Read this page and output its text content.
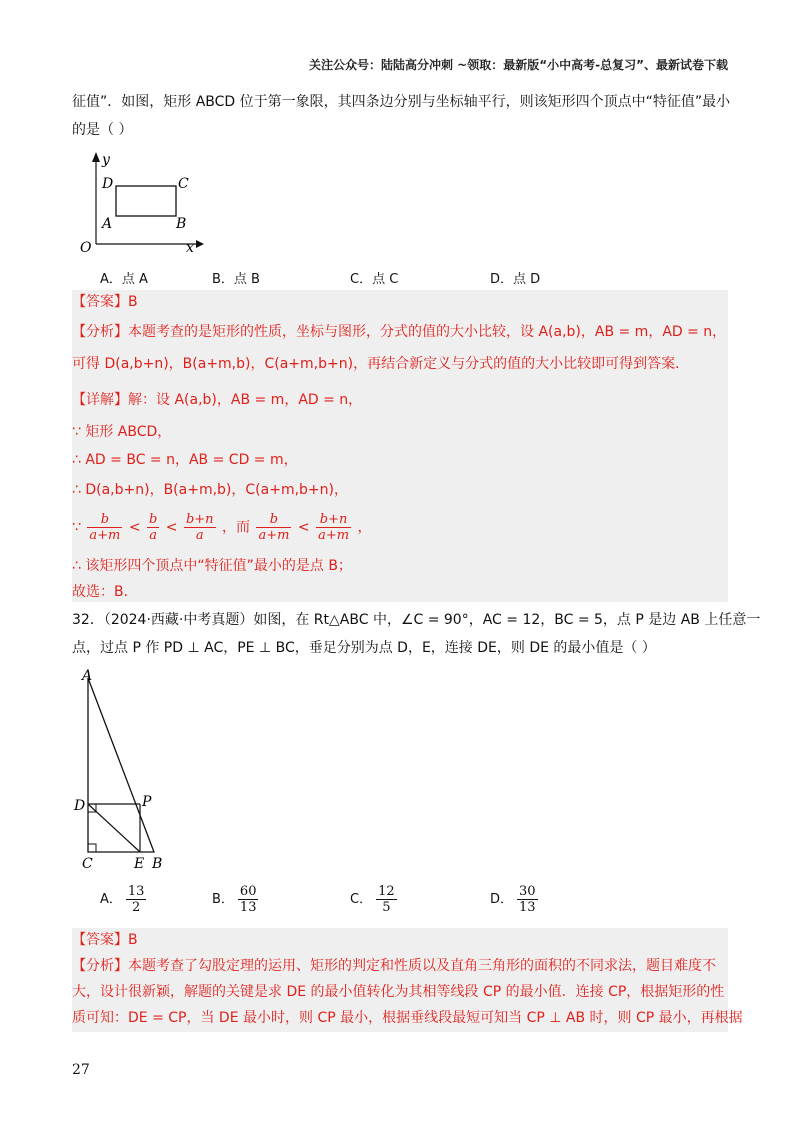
关注公众号：陆陆高分冲刺 ~领取：最新版“小中高考-总复习”、最新试卷下载
征值”．如图，矩形 ABCD 位于第一象限，其四条边分别与坐标轴平行，则该矩形四个顶点中“特征值”最小
的是（ ）
y
x
O
D	C
A	B
A．点 A	B．点 B	C．点 C	D．点 D
【答案】B
【分析】本题考查的是矩形的性质，坐标与图形，分式的值的大小比较，设 A(a,b)，AB = m，AD = n，
可得 D(a,b+n)，B(a+m,b)，C(a+m,b+n)，再结合新定义与分式的值的大小比较即可得到答案．
【详解】解：设 A(a,b)，AB = m，AD = n，
∵ 矩形 ABCD，
∴ AD = BC = n，AB = CD = m，
∴ D(a,b+n)，B(a+m,b)，C(a+m,b+n)，
∵ $\frac{b}{a+m} < \frac{b}{a} < \frac{b+n}{a}$ ，而 $\frac{b}{a+m} < \frac{b+n}{a+m}$ ，
∴ 该矩形四个顶点中“特征值”最小的是点 B；
故选：B．
32．（2024·西藏·中考真题）如图，在 Rt△ABC 中，∠C = 90°，AC = 12，BC = 5，点 P 是边 AB 上任意一
点，过点 P 作 PD ⊥ AC，PE ⊥ BC，垂足分别为点 D，E，连接 DE，则 DE 的最小值是（ ）
A
D	P
C	E B
A． $\frac{13}{2}$	B． $\frac{60}{13}$	C． $\frac{12}{5}$	D． $\frac{30}{13}$
【答案】B
【分析】本题考查了勾股定理的运用、矩形的判定和性质以及直角三角形的面积的不同求法，题目难度不
大，设计很新颖，解题的关键是求 DE 的最小值转化为其相等线段 CP 的最小值．连接 CP，根据矩形的性
质可知：DE = CP，当 DE 最小时，则 CP 最小，根据垂线段最短可知当 CP ⊥ AB 时，则 CP 最小，再根据
27
